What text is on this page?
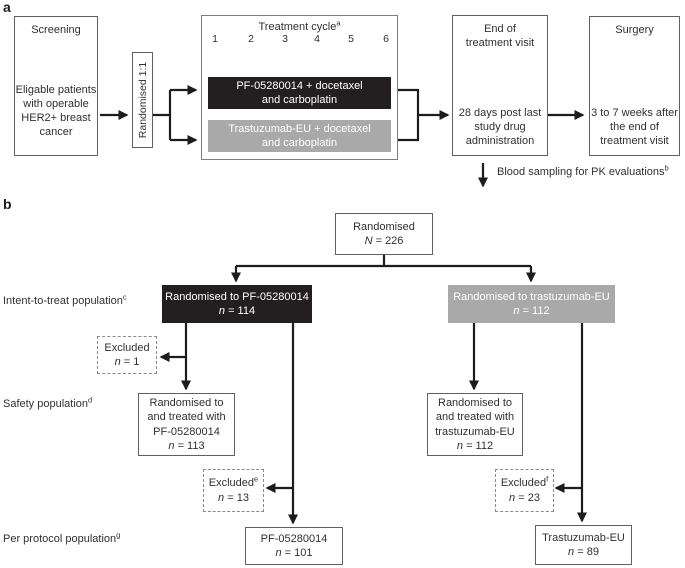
a
Screening
Eligable patients
with operable
HER2+ breast
cancer	Randomised 1:1
Treatment cycle$^a$
1	2	3	4	5	6
PF-05280014 + docetaxel
and carboplatin
Trastuzumab-EU + docetaxel
and carboplatin
End of
treatment visit
28 days post last
study drug
administration
Surgery
3 to 7 weeks after
the end of
treatment visit
Blood sampling for PK evaluations$^b$
b
Randomised
N = 226
Intent-to-treat population$^c$	Randomised to PF-05280014
n = 114
Randomised to trastuzumab-EU
n = 112
Excluded
n = 1
Safety population$^d$	Randomised to
and treated with
PF-05280014
n = 113
Randomised to
and treated with
trastuzumab-EU
n = 112
Excluded$^e$
n = 13
Excluded$^f$
n = 23
Per protocol population$^g$	PF-05280014
n = 101
Trastuzumab-EU
n = 89
